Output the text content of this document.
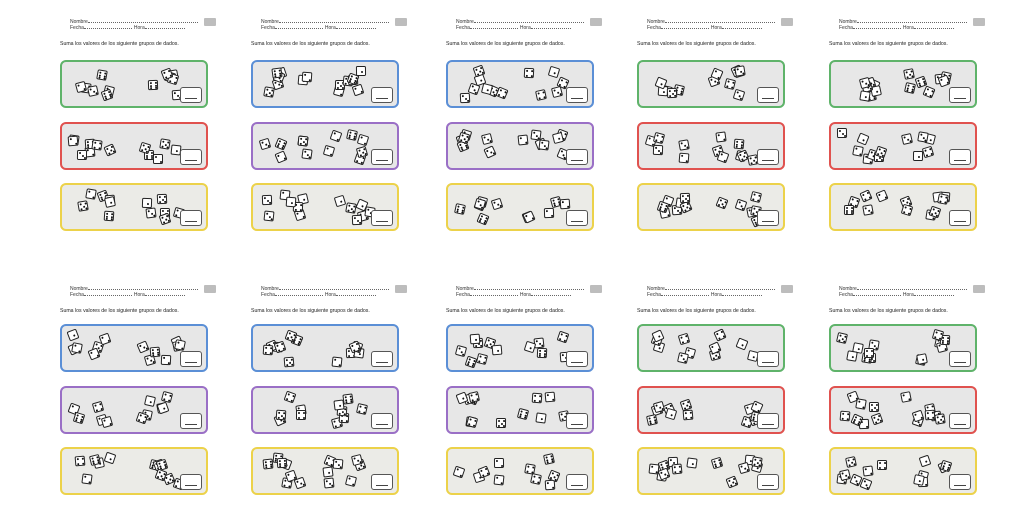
Nombre
Fecha	Hora
Suma los valores de los siguiente grupos de dados.
Nombre
Fecha	Hora
Suma los valores de los siguiente grupos de dados.
Nombre
Fecha	Hora
Suma los valores de los siguiente grupos de dados.
Nombre
Fecha	Hora
Suma los valores de los siguiente grupos de dados.
Nombre
Fecha	Hora
Suma los valores de los siguiente grupos de dados.
Nombre
Fecha	Hora
Suma los valores de los siguiente grupos de dados.
Nombre
Fecha	Hora
Suma los valores de los siguiente grupos de dados.
Nombre
Fecha	Hora
Suma los valores de los siguiente grupos de dados.
Nombre
Fecha	Hora
Suma los valores de los siguiente grupos de dados.
Nombre
Fecha	Hora
Suma los valores de los siguiente grupos de dados.
